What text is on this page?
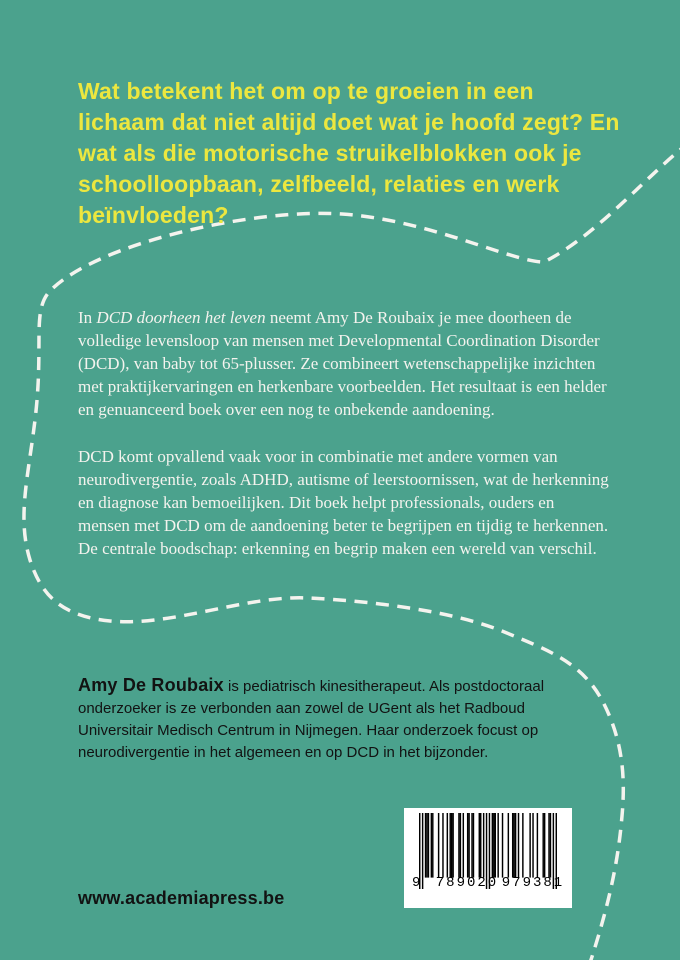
Wat betekent het om op te groeien in een lichaam dat niet altijd doet wat je hoofd zegt? En wat als die motorische struikelblokken ook je schoolloopbaan, zelfbeeld, relaties en werk beïnvloeden?

In DCD doorheen het leven neemt Amy De Roubaix je mee doorheen de volledige levensloop van mensen met Developmental Coordination Disorder (DCD), van baby tot 65-plusser. Ze combineert wetenschappelijke inzichten met praktijkervaringen en herkenbare voorbeelden. Het resultaat is een helder en genuanceerd boek over een nog te onbekende aandoening.

DCD komt opvallend vaak voor in combinatie met andere vormen van neurodivergentie, zoals ADHD, autisme of leerstoornissen, wat de herkenning en diagnose kan bemoeilijken. Dit boek helpt professionals, ouders en mensen met DCD om de aandoening beter te begrijpen en tijdig te herkennen. De centrale boodschap: erkenning en begrip maken een wereld van verschil.

Amy De Roubaix is pediatrisch kinesitherapeut. Als postdoctoraal onderzoeker is ze verbonden aan zowel de UGent als het Radboud Universitair Medisch Centrum in Nijmegen. Haar onderzoek focust op neurodivergentie in het algemeen en op DCD in het bijzonder.
www.academiapress.be
9	789020 979381
